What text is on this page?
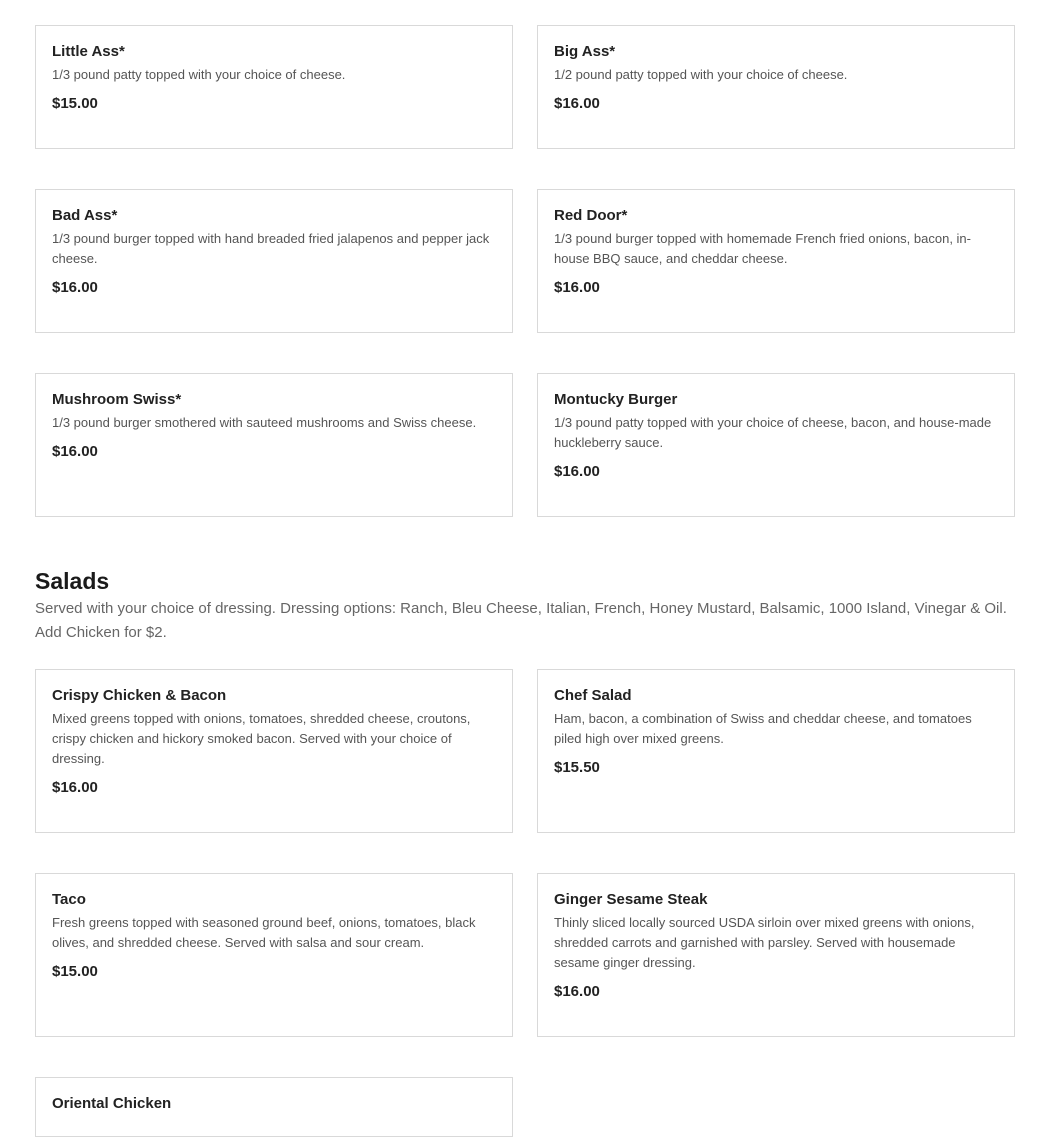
Little Ass*

1/3 pound patty topped with your choice of cheese.

$15.00

Big Ass*

1/2 pound patty topped with your choice of cheese.

$16.00

Bad Ass*

1/3 pound burger topped with hand breaded fried jalapenos and pepper jack cheese.

$16.00

Red Door*

1/3 pound burger topped with homemade French fried onions, bacon, in-house BBQ sauce, and cheddar cheese.

$16.00

Mushroom Swiss*

1/3 pound burger smothered with sauteed mushrooms and Swiss cheese.

$16.00

Montucky Burger

1/3 pound patty topped with your choice of cheese, bacon, and house-made huckleberry sauce.

$16.00

Salads

Served with your choice of dressing. Dressing options: Ranch, Bleu Cheese, Italian, French, Honey Mustard, Balsamic, 1000 Island, Vinegar & Oil. Add Chicken for $2.

Crispy Chicken & Bacon

Mixed greens topped with onions, tomatoes, shredded cheese, croutons, crispy chicken and hickory smoked bacon. Served with your choice of dressing.

$16.00

Chef Salad

Ham, bacon, a combination of Swiss and cheddar cheese, and tomatoes piled high over mixed greens.

$15.50

Taco

Fresh greens topped with seasoned ground beef, onions, tomatoes, black olives, and shredded cheese. Served with salsa and sour cream.

$15.00

Ginger Sesame Steak

Thinly sliced locally sourced USDA sirloin over mixed greens with onions, shredded carrots and garnished with parsley. Served with housemade sesame ginger dressing.

$16.00

Oriental Chicken
